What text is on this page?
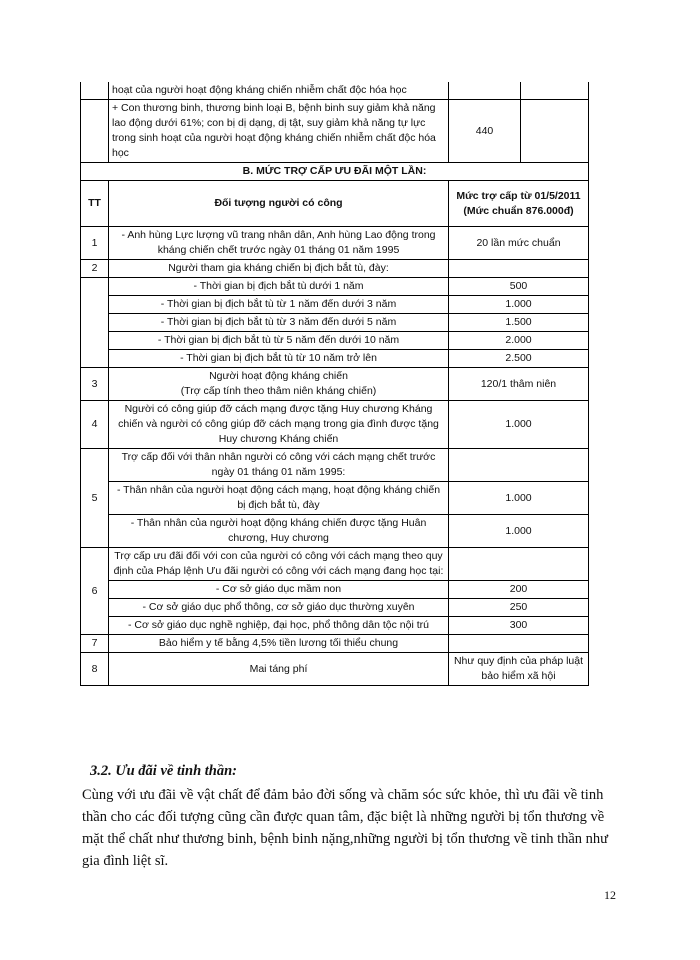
	hoạt của người hoạt động kháng chiến nhiễm chất độc hóa học		
	+ Con thương binh, thương binh loại B, bệnh binh suy giảm khả năng lao động dưới 61%; con bị dị dạng, dị tật, suy giảm khả năng tự lực trong sinh hoạt của người hoạt động kháng chiến nhiễm chất độc hóa học	440	
B. MỨC TRỢ CẤP ƯU ĐÃI MỘT LẦN:			
TT	Đối tượng người có công	Mức trợ cấp từ 01/5/2011 (Mức chuẩn 876.000đ)	
1	- Anh hùng Lực lượng vũ trang nhân dân, Anh hùng Lao động trong kháng chiến chết trước ngày 01 tháng 01 năm 1995	20 lần mức chuẩn	
2	Người tham gia kháng chiến bị địch bắt tù, đày:		
	- Thời gian bị địch bắt tù dưới 1 năm	500	
	- Thời gian bị địch bắt tù từ 1 năm đến dưới 3 năm	1.000	
	- Thời gian bị địch bắt tù từ 3 năm đến dưới 5 năm	1.500	
	- Thời gian bị địch bắt tù từ 5 năm đến dưới 10 năm	2.000	
	- Thời gian bị địch bắt tù từ 10 năm trở lên	2.500	
3	Người hoạt động kháng chiến
(Trợ cấp tính theo thâm niên kháng chiến)	120/1 thâm niên	
4	Người có công giúp đỡ cách mạng được tặng Huy chương Kháng chiến và người có công giúp đỡ cách mạng trong gia đình được tặng Huy chương Kháng chiến	1.000	
5	Trợ cấp đối với thân nhân người có công với cách mạng chết trước ngày 01 tháng 01 năm 1995:		
	- Thân nhân của người hoạt động cách mạng, hoạt động kháng chiến bị địch bắt tù, đày	1.000	
	- Thân nhân của người hoạt động kháng chiến được tặng Huân chương, Huy chương	1.000	
6	Trợ cấp ưu đãi đối với con của người có công với cách mạng theo quy định của Pháp lệnh Ưu đãi người có công với cách mạng đang học tại:		
	- Cơ sở giáo dục mầm non	200	
	- Cơ sở giáo dục phổ thông, cơ sở giáo dục thường xuyên	250	
	- Cơ sở giáo dục nghề nghiệp, đại học, phổ thông dân tộc nội trú	300	
7	Bảo hiểm y tế bằng 4,5% tiền lương tối thiểu chung		
8	Mai táng phí	Như quy định của pháp luật bảo hiểm xã hội	

3.2. Ưu đãi về tinh thần:

Cùng với ưu đãi về vật chất để đảm bảo đời sống và chăm sóc sức khỏe, thì ưu đãi về tinh thần cho các đối tượng cũng cần được quan tâm, đặc biệt là những người bị tổn thương về mặt thể chất như thương binh, bệnh binh nặng,những người bị tổn thương về tinh thần như gia đình liệt sĩ.

12
